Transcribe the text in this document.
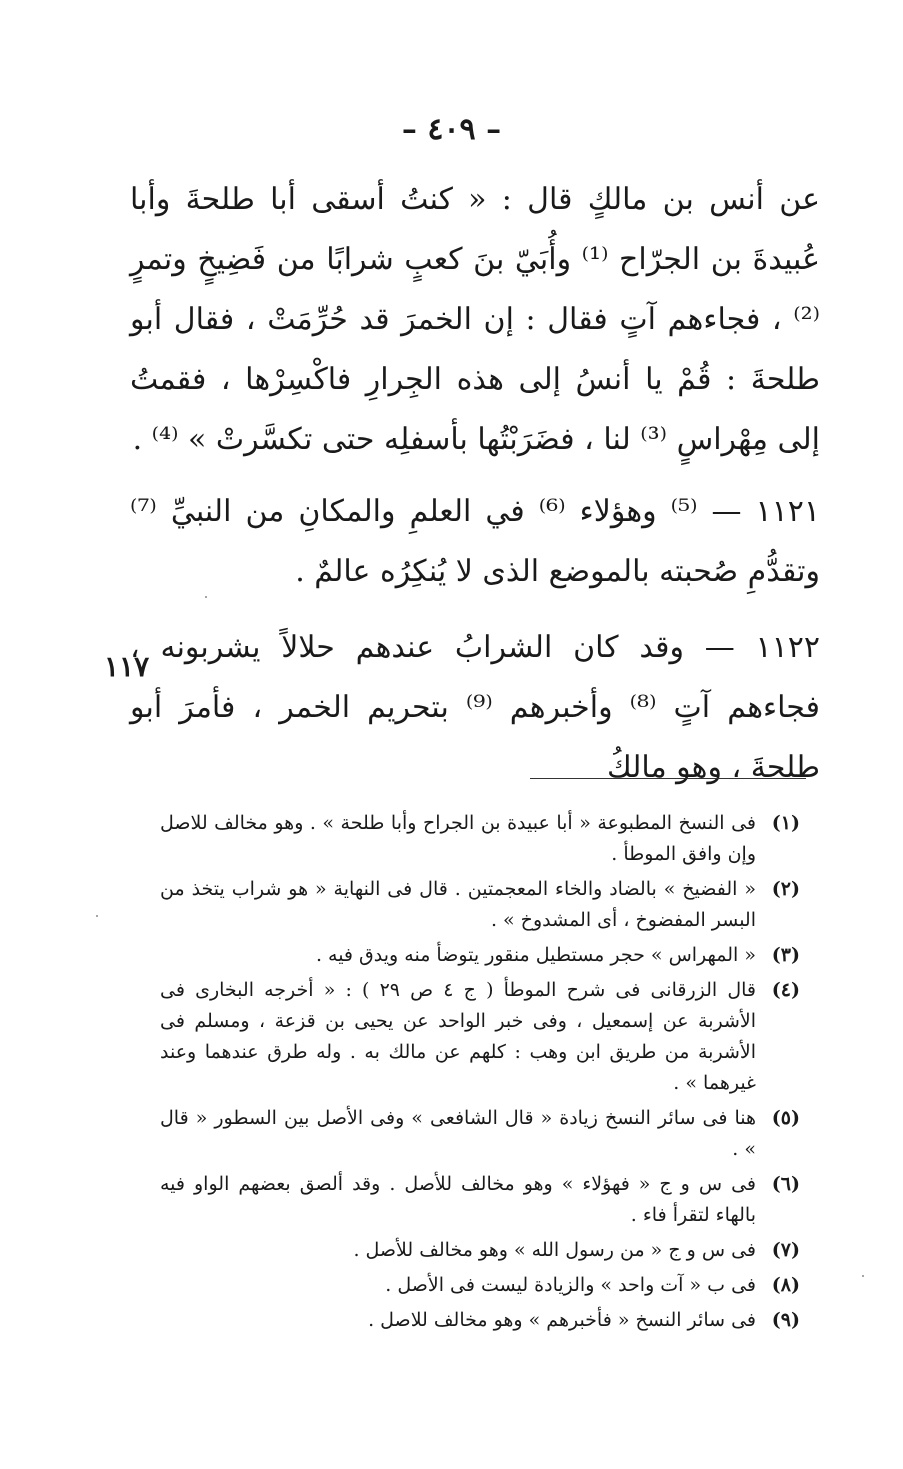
– ٤٠٩ –

عن أنس بن مالكٍ قال : « كنتُ أسقى أبا طلحةَ وأبا عُبيدةَ بن الجرّاح ⁽¹⁾ وأُبَيّ بنَ كعبٍ شرابًا من فَضِيخٍ وتمرٍ ⁽²⁾ ، فجاءهم آتٍ فقال : إن الخمرَ قد حُرِّمَتْ ، فقال أبو طلحةَ : قُمْ يا أنسُ إلى هذه الجِرارِ فاكْسِرْها ، فقمتُ إلى مِهْراسٍ ⁽³⁾ لنا ، فضَرَبْتُها بأسفلِه حتى تكسَّرتْ » ⁽⁴⁾ .

١١٢١ — ⁽⁵⁾ وهؤلاء ⁽⁶⁾ في العلمِ والمكانِ من النبيِّ ⁽⁷⁾ وتقدُّمِ صُحبته بالموضع الذى لا يُنكِرُه عالمٌ .

١١٢٢ — وقد كان الشرابُ عندهم حلالاً يشربونه ، فجاءهم آتٍ ⁽⁸⁾ وأخبرهم ⁽⁹⁾ بتحريم الخمر ، فأمرَ أبو طلحةَ ، وهو مالكُ

١١٧
(١)
فى النسخ المطبوعة « أبا عبيدة بن الجراح وأبا طلحة » . وهو مخالف للاصل وإن وافق الموطأ .
(٢)
« الفضيخ » بالضاد والخاء المعجمتين . قال فى النهاية « هو شراب يتخذ من البسر المفضوخ ، أى المشدوخ » .
(٣)
« المهراس » حجر مستطيل منقور يتوضأ منه ويدق فيه .
(٤)
قال الزرقانى فى شرح الموطأ ( ج ٤ ص ٢٩ ) : « أخرجه البخارى فى الأشربة عن إسمعيل ، وفى خبر الواحد عن يحيى بن قزعة ، ومسلم فى الأشربة من طريق ابن وهب : كلهم عن مالك به . وله طرق عندهما وعند غيرهما » .
(٥)
هنا فى سائر النسخ زيادة « قال الشافعى » وفى الأصل بين السطور « قال » .
(٦)
فى س و ج « فهؤلاء » وهو مخالف للأصل . وقد ألصق بعضهم الواو فيه بالهاء لتقرأ فاء .
(٧)
فى س و ج « من رسول الله » وهو مخالف للأصل .
(٨)
فى ب « آت واحد » والزيادة ليست فى الأصل .
(٩)
فى سائر النسخ « فأخبرهم » وهو مخالف للاصل .
